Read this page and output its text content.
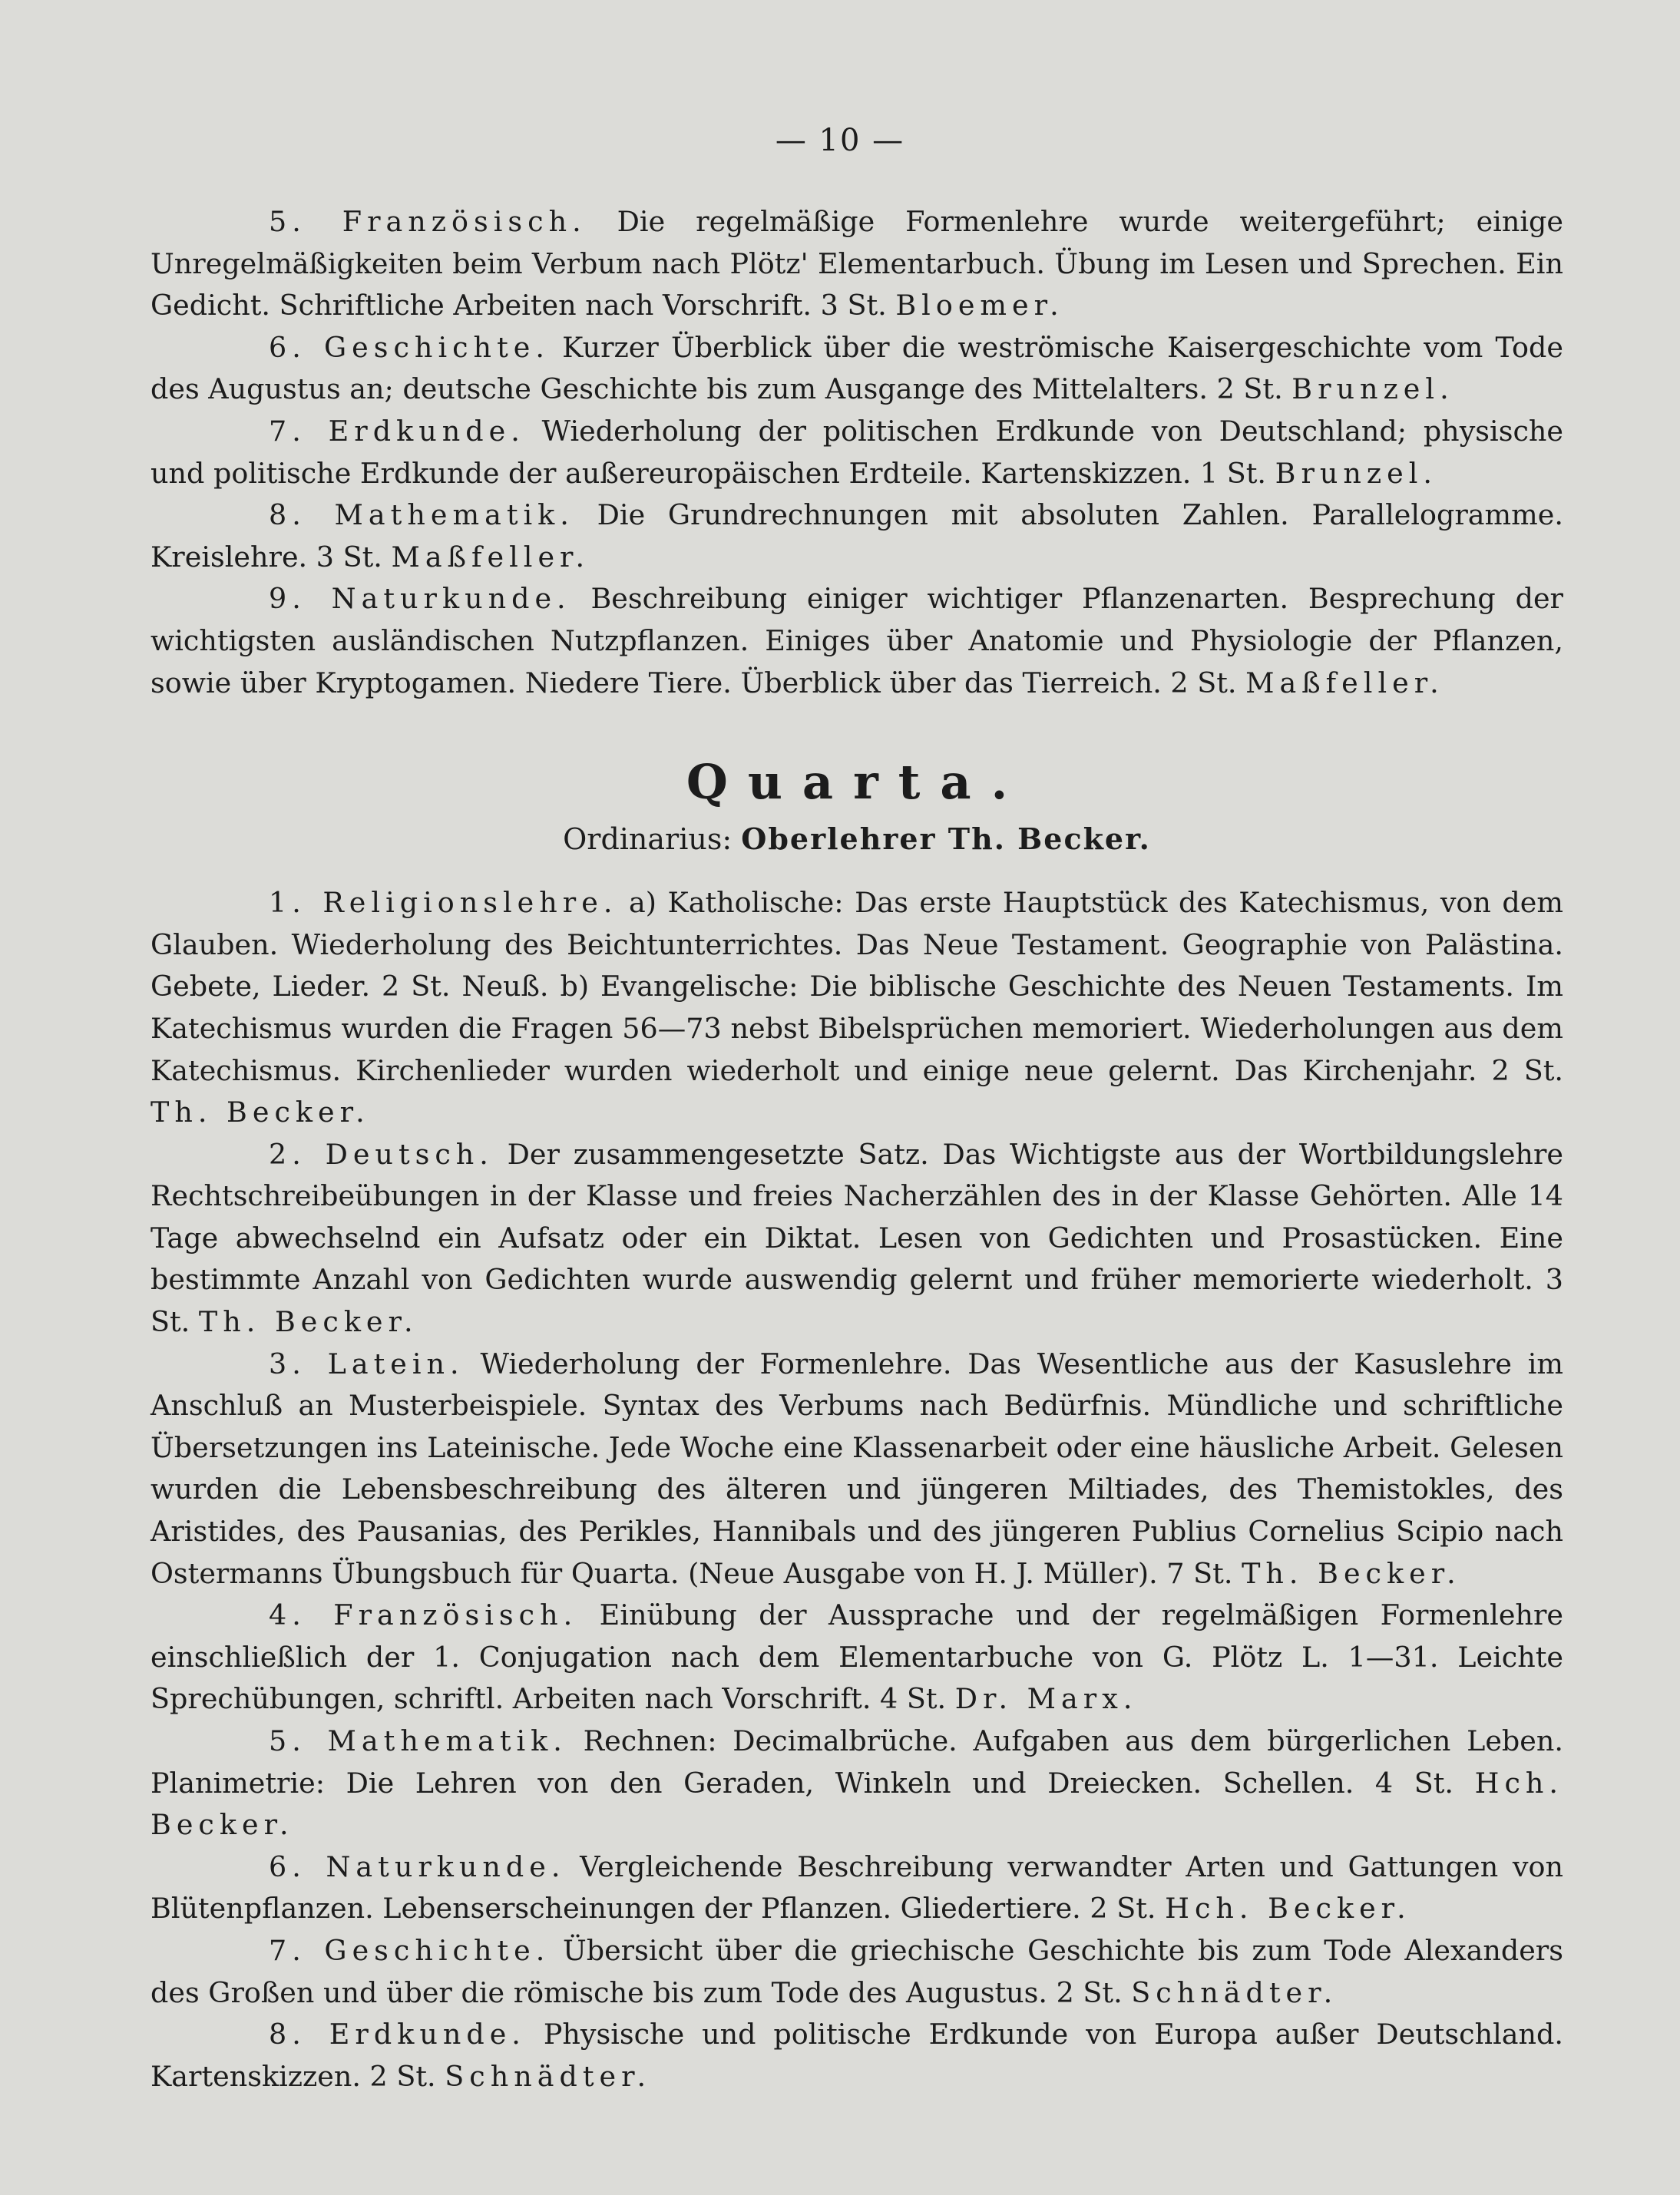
— 10 —

5. Französisch. Die regelmäßige Formenlehre wurde weitergeführt; einige Unregelmäßigkeiten beim Verbum nach Plötz' Elementarbuch. Übung im Lesen und Sprechen. Ein Gedicht. Schriftliche Arbeiten nach Vorschrift. 3 St. Bloemer.

6. Geschichte. Kurzer Überblick über die weströmische Kaisergeschichte vom Tode des Augustus an; deutsche Geschichte bis zum Ausgange des Mittelalters. 2 St. Brunzel.

7. Erdkunde. Wiederholung der politischen Erdkunde von Deutschland; physische und politische Erdkunde der außereuropäischen Erdteile. Kartenskizzen. 1 St. Brunzel.

8. Mathematik. Die Grundrechnungen mit absoluten Zahlen. Parallelogramme. Kreislehre. 3 St. Maßfeller.

9. Naturkunde. Beschreibung einiger wichtiger Pflanzenarten. Besprechung der wichtigsten ausländischen Nutzpflanzen. Einiges über Anatomie und Physiologie der Pflanzen, sowie über Kryptogamen. Niedere Tiere. Überblick über das Tierreich. 2 St. Maßfeller.

Quarta.
Ordinarius: Oberlehrer Th. Becker.

1. Religionslehre. a) Katholische: Das erste Hauptstück des Katechismus, von dem Glauben. Wiederholung des Beichtunterrichtes. Das Neue Testament. Geographie von Palästina. Gebete, Lieder. 2 St. Neuß. b) Evangelische: Die biblische Geschichte des Neuen Testaments. Im Katechismus wurden die Fragen 56—73 nebst Bibelsprüchen memoriert. Wiederholungen aus dem Katechismus. Kirchenlieder wurden wiederholt und einige neue gelernt. Das Kirchenjahr. 2 St. Th. Becker.

2. Deutsch. Der zusammengesetzte Satz. Das Wichtigste aus der Wortbildungslehre Rechtschreibeübungen in der Klasse und freies Nacherzählen des in der Klasse Gehörten. Alle 14 Tage abwechselnd ein Aufsatz oder ein Diktat. Lesen von Gedichten und Prosastücken. Eine bestimmte Anzahl von Gedichten wurde auswendig gelernt und früher memorierte wiederholt. 3 St. Th. Becker.

3. Latein. Wiederholung der Formenlehre. Das Wesentliche aus der Kasuslehre im Anschluß an Musterbeispiele. Syntax des Verbums nach Bedürfnis. Mündliche und schriftliche Übersetzungen ins Lateinische. Jede Woche eine Klassenarbeit oder eine häusliche Arbeit. Gelesen wurden die Lebensbeschreibung des älteren und jüngeren Miltiades, des Themistokles, des Aristides, des Pausanias, des Perikles, Hannibals und des jüngeren Publius Cornelius Scipio nach Ostermanns Übungsbuch für Quarta. (Neue Ausgabe von H. J. Müller). 7 St. Th. Becker.

4. Französisch. Einübung der Aussprache und der regelmäßigen Formenlehre einschließlich der 1. Conjugation nach dem Elementarbuche von G. Plötz L. 1—31. Leichte Sprechübungen, schriftl. Arbeiten nach Vorschrift. 4 St. Dr. Marx.

5. Mathematik. Rechnen: Decimalbrüche. Aufgaben aus dem bürgerlichen Leben. Planimetrie: Die Lehren von den Geraden, Winkeln und Dreiecken. Schellen. 4 St. Hch. Becker.

6. Naturkunde. Vergleichende Beschreibung verwandter Arten und Gattungen von Blütenpflanzen. Lebenserscheinungen der Pflanzen. Gliedertiere. 2 St. Hch. Becker.

7. Geschichte. Übersicht über die griechische Geschichte bis zum Tode Alexanders des Großen und über die römische bis zum Tode des Augustus. 2 St. Schnädter.

8. Erdkunde. Physische und politische Erdkunde von Europa außer Deutschland. Kartenskizzen. 2 St. Schnädter.
